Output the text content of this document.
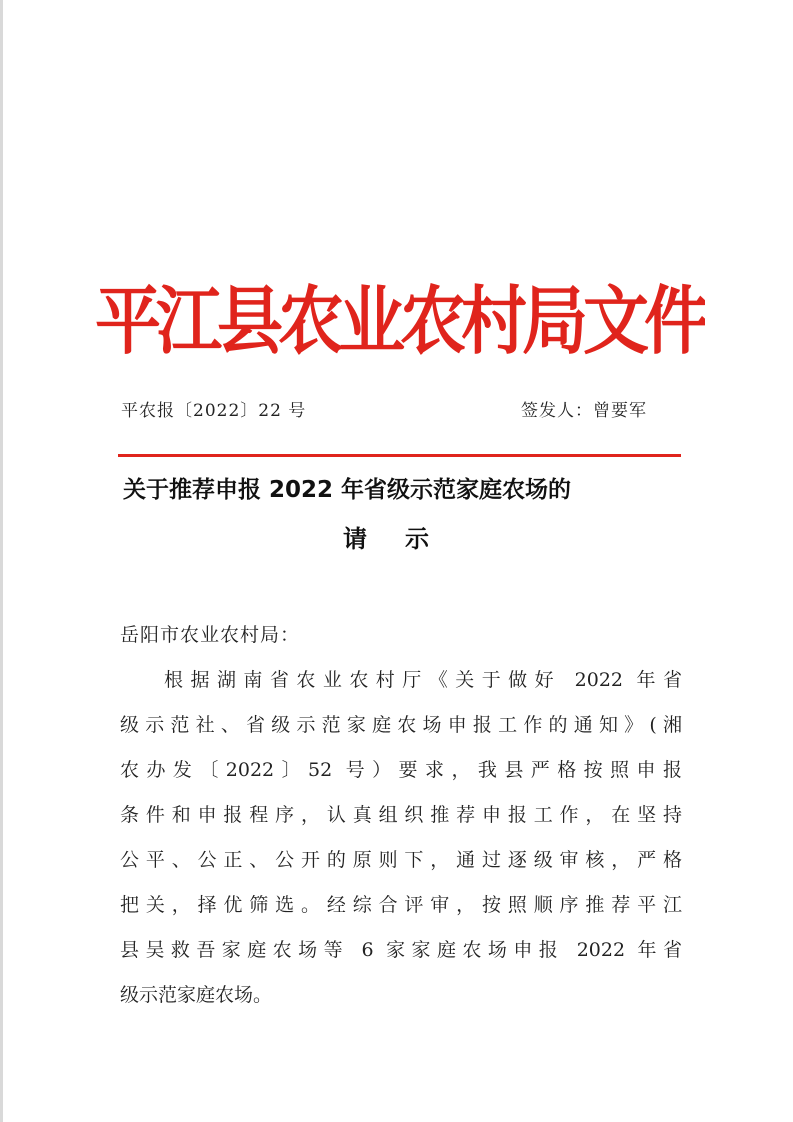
平江县农业农村局文件
平农报〔2022〕22 号	签发人：曾要军
关于推荐申报 2022 年省级示范家庭农场的
请示
岳阳市农业农村局：
根据湖南省农业农村厅《关于做好 2022 年省
级示范社、省级示范家庭农场申报工作的通知》(湘
农办发〔2022〕52 号）要求，我县严格按照申报
条件和申报程序，认真组织推荐申报工作，在坚持
公平、公正、公开的原则下，通过逐级审核，严格
把关，择优筛选。经综合评审，按照顺序推荐平江
县吴救吾家庭农场等 6 家家庭农场申报 2022 年省
级示范家庭农场。
